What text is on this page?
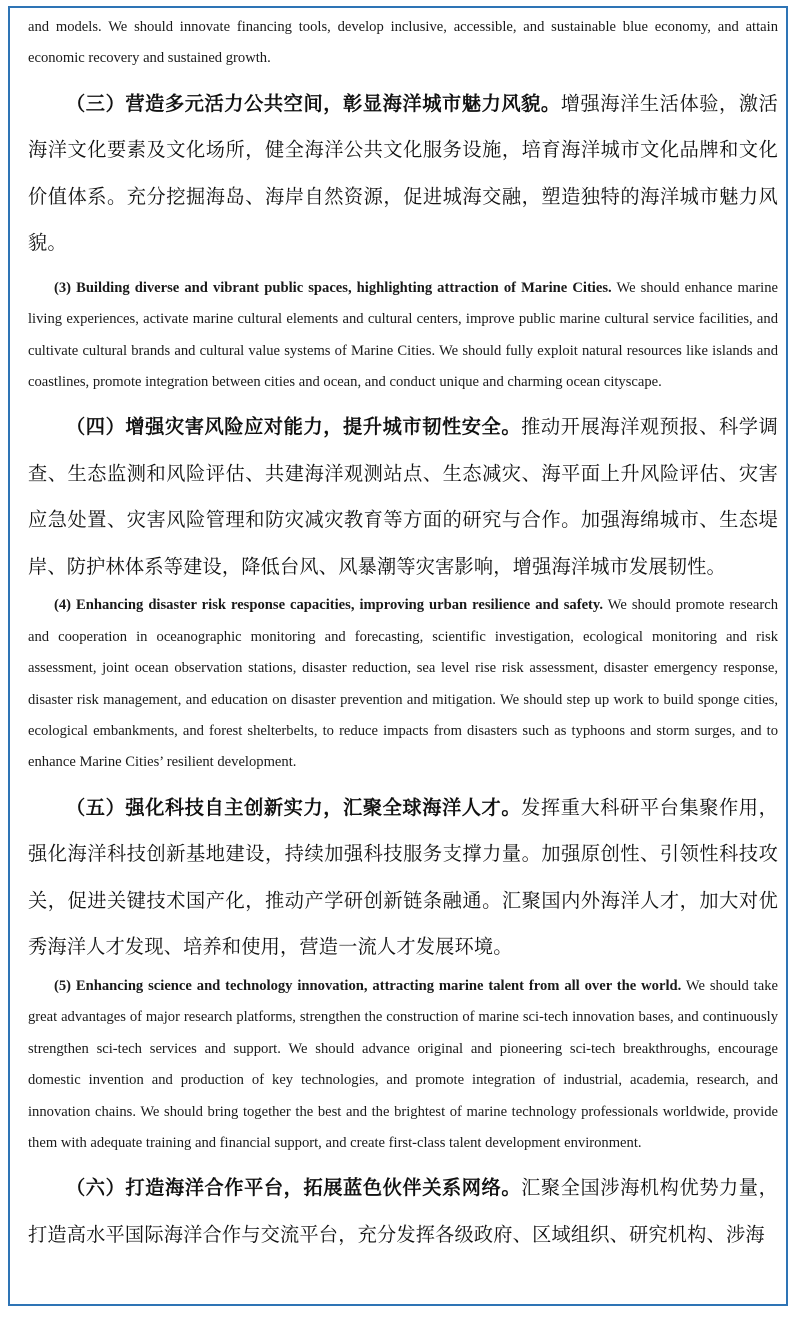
and models. We should innovate financing tools, develop inclusive, accessible, and sustainable blue economy, and attain economic recovery and sustained growth.

（三）营造多元活力公共空间，彰显海洋城市魅力风貌。增强海洋生活体验，激活海洋文化要素及文化场所，健全海洋公共文化服务设施，培育海洋城市文化品牌和文化价值体系。充分挖掘海岛、海岸自然资源，促进城海交融，塑造独特的海洋城市魅力风貌。

(3) Building diverse and vibrant public spaces, highlighting attraction of Marine Cities. We should enhance marine living experiences, activate marine cultural elements and cultural centers, improve public marine cultural service facilities, and cultivate cultural brands and cultural value systems of Marine Cities. We should fully exploit natural resources like islands and coastlines, promote integration between cities and ocean, and conduct unique and charming ocean cityscape.

（四）增强灾害风险应对能力，提升城市韧性安全。推动开展海洋观预报、科学调查、生态监测和风险评估、共建海洋观测站点、生态减灾、海平面上升风险评估、灾害应急处置、灾害风险管理和防灾减灾教育等方面的研究与合作。加强海绵城市、生态堤岸、防护林体系等建设，降低台风、风暴潮等灾害影响，增强海洋城市发展韧性。

(4) Enhancing disaster risk response capacities, improving urban resilience and safety. We should promote research and cooperation in oceanographic monitoring and forecasting, scientific investigation, ecological monitoring and risk assessment, joint ocean observation stations, disaster reduction, sea level rise risk assessment, disaster emergency response, disaster risk management, and education on disaster prevention and mitigation. We should step up work to build sponge cities, ecological embankments, and forest shelterbelts, to reduce impacts from disasters such as typhoons and storm surges, and to enhance Marine Cities’ resilient development.

（五）强化科技自主创新实力，汇聚全球海洋人才。发挥重大科研平台集聚作用，强化海洋科技创新基地建设，持续加强科技服务支撑力量。加强原创性、引领性科技攻关，促进关键技术国产化，推动产学研创新链条融通。汇聚国内外海洋人才，加大对优秀海洋人才发现、培养和使用，营造一流人才发展环境。

(5) Enhancing science and technology innovation, attracting marine talent from all over the world. We should take great advantages of major research platforms, strengthen the construction of marine sci-tech innovation bases, and continuously strengthen sci-tech services and support. We should advance original and pioneering sci-tech breakthroughs, encourage domestic invention and production of key technologies, and promote integration of industrial, academia, research, and innovation chains. We should bring together the best and the brightest of marine technology professionals worldwide, provide them with adequate training and financial support, and create first-class talent development environment.

（六）打造海洋合作平台，拓展蓝色伙伴关系网络。汇聚全国涉海机构优势力量，打造高水平国际海洋合作与交流平台，充分发挥各级政府、区域组织、研究机构、涉海
